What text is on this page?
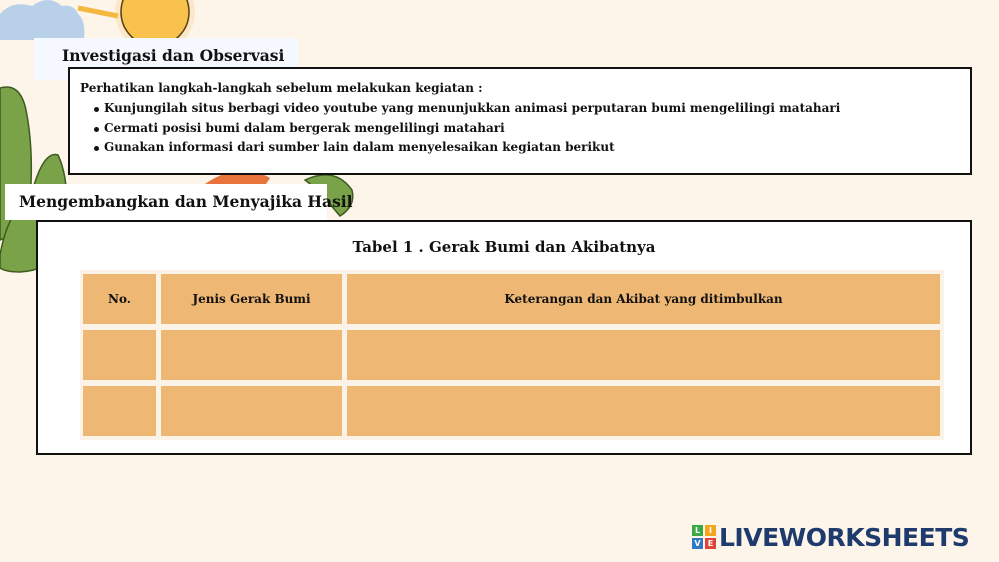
Investigasi dan Observasi
Perhatikan langkah-langkah sebelum melakukan kegiatan :
Kunjungilah situs berbagi video youtube yang menunjukkan animasi perputaran bumi mengelilingi matahari
Cermati posisi bumi dalam bergerak mengelilingi matahari
Gunakan informasi dari sumber lain dalam menyelesaikan kegiatan berikut
Mengembangkan dan Menyajika Hasil
Tabel 1 . Gerak Bumi dan Akibatnya
No.	Jenis Gerak Bumi	Keterangan dan Akibat yang ditimbulkan
L	I
V E LIVEWORKSHEETS
